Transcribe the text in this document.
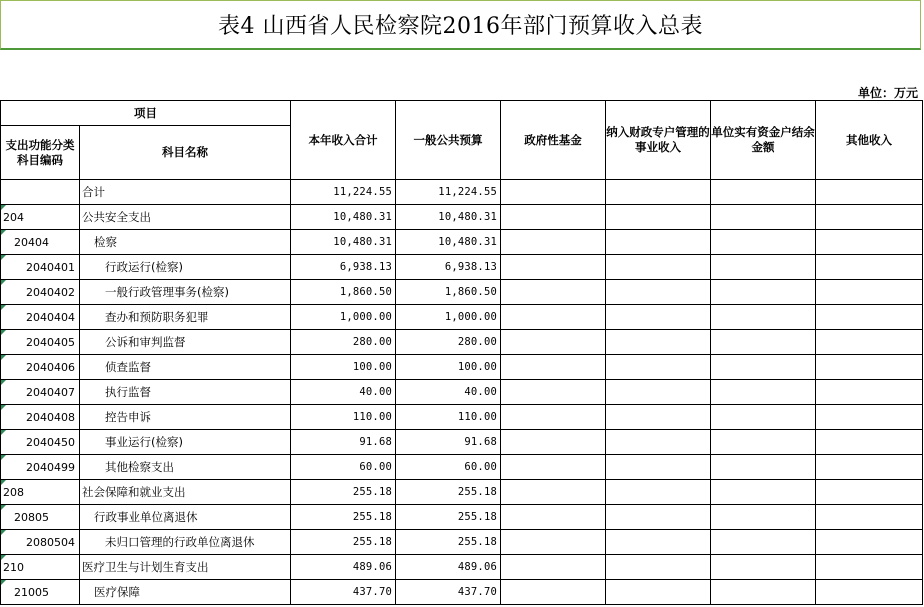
表4 山西省人民检察院2016年部门预算收入总表
单位：万元
项目		本年收入合计	一般公共预算	政府性基金	纳入财政专户管理的事业收入	单位实有资金户结余金额	其他收入
支出功能分类科目编码	科目名称						
	合计	11,224.55	11,224.55				

204	公共安全支出	10,480.31	10,480.31				

20404	检察	10,480.31	10,480.31				

2040401	行政运行(检察)	6,938.13	6,938.13				

2040402	一般行政管理事务(检察)	1,860.50	1,860.50				

2040404	查办和预防职务犯罪	1,000.00	1,000.00				

2040405	公诉和审判监督	280.00	280.00				

2040406	侦查监督	100.00	100.00				

2040407	执行监督	40.00	40.00				

2040408	控告申诉	110.00	110.00				

2040450	事业运行(检察)	91.68	91.68				

2040499	其他检察支出	60.00	60.00				

208	社会保障和就业支出	255.18	255.18				

20805	行政事业单位离退休	255.18	255.18				

2080504	未归口管理的行政单位离退休	255.18	255.18				

210	医疗卫生与计划生育支出	489.06	489.06				

21005	医疗保障	437.70	437.70				
